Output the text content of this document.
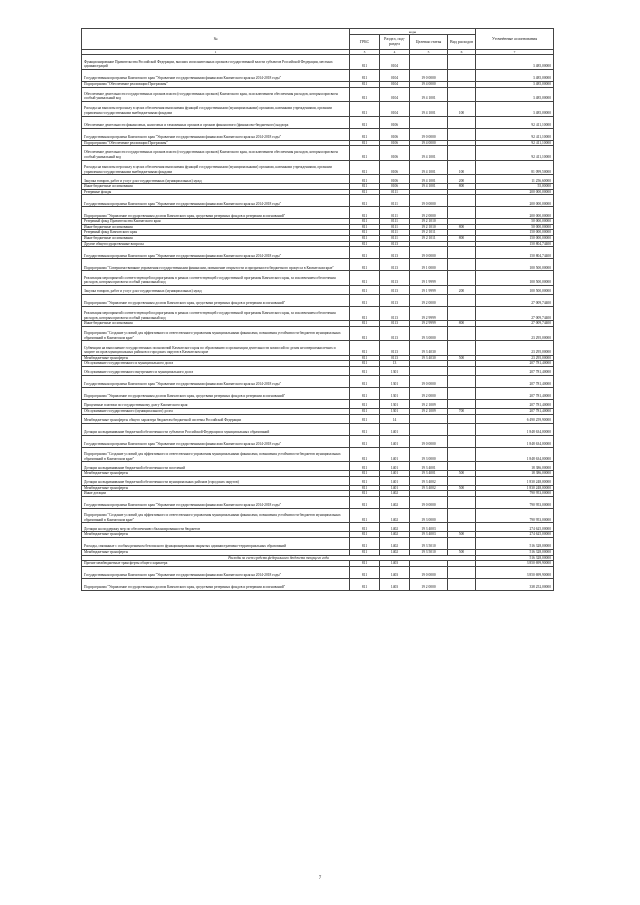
№	коды				Уточнённые ассигнования
	ГРБС	Раздел, под-раздел	Целевая статья	Вид расходов	
1	3	4	5	6	7
Функционирование Правительства Российской Федерации, высших исполнительных органов государственной власти субъектов Российской Федерации, местных администраций	811	0104			3 485,00000
Государственная программа Камчатского края "Управление государственными финансами Камчатского края на 2014-2018 годы"	811	0104	19 0 0000		3 485,00000
Подпрограмма "Обеспечение реализации Программы"	811	0104	19 4 0000		3 485,00000
Обеспечение деятельности государственных органов власти (государственных органов) Камчатского края, за исключением обеспечения расходов, которым присвоен особый уникальный код	811	0104	19 4 1001		3 485,00000
Расходы на выплаты персоналу в целях обеспечения выполнения функций государственными (муниципальными) органами, казенными учреждениями, органами управления государственными внебюджетными фондами	811	0104	19 4 1001	100	3 485,00000
Обеспечение деятельности финансовых, налоговых и таможенных органов и органов финансового (финансово-бюджетного) надзора	811	0106			92 411,10000
Государственная программа Камчатского края "Управление государственными финансами Камчатского края на 2014-2018 годы"	811	0106	19 0 0000		92 411,10000
Подпрограмма "Обеспечение реализации Программы"	811	0106	19 4 0000		92 411,10000
Обеспечение деятельности государственных органов власти (государственных органов) Камчатского края, за исключением обеспечения расходов, которым присвоен особый уникальный код	811	0106	19 4 1001		92 411,10000
Расходы на выплаты персоналу в целях обеспечения выполнения функций государственными (муниципальными) органами, казенными учреждениями, органами управления государственными внебюджетными фондами	811	0106	19 4 1001	100	81 099,50000
Закупка товаров, работ и услуг для государственных (муниципальных) нужд	811	0106	19 4 1001	200	11 256,60000
Иные бюджетные ассигнования	811	0106	19 4 1001	800	55,00000
Резервные фонды	811	0111			200 000,00000
Государственная программа Камчатского края "Управление государственными финансами Камчатского края на 2014-2018 годы"	811	0111	19 0 0000		200 000,00000
Подпрограмма "Управление государственным долгом Камчатского края, средствами резервных фондов и резервами ассигнований"	811	0111	19 2 0000		200 000,00000
Резервный фонд Правительства Камчатского края	811	0111	19 2 1010		50 000,00000
Иные бюджетные ассигнования	811	0111	19 2 1010	800	50 000,00000
Резервный фонд Камчатского края	811	0111	19 2 1011		150 000,00000
Иные бюджетные ассигнования	811	0111	19 2 1011	800	150 000,00000
Другие общегосударственные вопросы	811	0113			150 804,74400
Государственная программа Камчатского края "Управление государственными финансами Камчатского края на 2014-2018 годы"	811	0113	19 0 0000		150 804,74400
Подпрограмма "Совершенствование управления государственными финансами, повышение открытости и прозрачности бюджетного процесса в Камчатском крае"	811	0113	19 1 0000		100 500,00000
Реализация мероприятий соответствующей подпрограммы в рамках соответствующей государственной программы Камчатского края, за исключением обеспечения расходов, которым присвоен особый уникальный код	811	0113	19 1 9999		100 500,00000
Закупка товаров, работ и услуг для государственных (муниципальных) нужд	811	0113	19 1 9999	200	100 500,00000
Подпрограмма "Управление государственным долгом Камчатского края, средствами резервных фондов и резервами ассигнований"	811	0113	19 2 0000		27 009,74400
Реализация мероприятий соответствующей подпрограммы в рамках соответствующей государственной программы Камчатского края, за исключением обеспечения расходов, которым присвоен особый уникальный код	811	0113	19 2 9999		27 009,74400
Иные бюджетные ассигнования	811	0113	19 2 9999	800	27 009,74400
Подпрограмма "Создание условий для эффективного и ответственного управления муниципальными финансами, повышения устойчивости бюджетов муниципальных образований в Камчатском крае"	811	0113	19 3 0000		23 295,00000
Субвенции на выполнение государственных полномочий Камчатского края по образованию и организации деятельности комиссий по делам несовершеннолетних и защите их прав муниципальных районов и городских округов в Камчатском крае	811	0113	19 3 4030		23 295,00000
Межбюджетные трансферты	811	0113	19 3 4030	500	23 295,00000
Обслуживание государственного и муниципального долга	811	13			207 781,40000
Обслуживание государственного внутреннего и муниципального долга	811	1301			207 781,40000
Государственная программа Камчатского края "Управление государственными финансами Камчатского края на 2014-2018 годы"	811	1301	19 0 0000		207 781,40000
Подпрограмма "Управление государственным долгом Камчатского края, средствами резервных фондов и резервами ассигнований"	811	1301	19 2 0000		207 781,40000
Процентные платежи по государственному долгу Камчатского края	811	1301	19 2 1009		207 781,40000
Обслуживание государственного (муниципального) долга	811	1301	19 2 1009	700	207 781,40000
Межбюджетные трансферты общего характера бюджетам бюджетной системы Российской Федерации	811	14			6 490 259,90000
Дотации на выравнивание бюджетной обеспеченности субъектов Российской Федерации и муниципальных образований	811	1401			1 848 634,00000
Государственная программа Камчатского края "Управление государственными финансами Камчатского края на 2014-2018 годы"	811	1401	19 0 0000		1 848 634,00000
Подпрограмма "Создание условий для эффективного и ответственного управления муниципальными финансами, повышения устойчивости бюджетов муниципальных образований в Камчатском крае"	811	1401	19 3 0000		1 848 634,00000
Дотации на выравнивание бюджетной обеспеченности поселений	811	1401	19 3 4001		18 386,00000
Межбюджетные трансферты	811	1401	19 3 4001	500	18 386,00000
Дотации на выравнивание бюджетной обеспеченности муниципальных районов (городских округов)	811	1401	19 3 4002		1 830 248,00000
Межбюджетные трансферты	811	1401	19 3 4002	500	1 830 248,00000
Иные дотации	811	1402			790 953,00000
Государственная программа Камчатского края "Управление государственными финансами Камчатского края на 2014-2018 годы"	811	1402	19 0 0000		790 953,00000
Подпрограмма "Создание условий для эффективного и ответственного управления муниципальными финансами, повышения устойчивости бюджетов муниципальных образований в Камчатском крае"	811	1402	19 3 0000		790 953,00000
Дотации на поддержку мер по обеспечению сбалансированности бюджетов	811	1402	19 3 4003		274 625,00000
Межбюджетные трансферты	811	1402	19 3 4003	500	274 625,00000
Расходы, связанные с особым режимом безопасного функционирования закрытых административно-территориальных образований	811	1402	19 3 5010		516 328,00000
Межбюджетные трансферты	811	1402	19 3 5010	500	516 328,00000
Расходы за счет средств федерального бюджета текущего года					516 328,00000
Прочие межбюджетные трансферты общего характера	811	1403			3 850 699,90000
Государственная программа Камчатского края "Управление государственными финансами Камчатского края на 2014-2018 годы"	811	1403	19 0 0000		3 850 699,90000
Подпрограмма "Управление государственным долгом Камчатского края, средствами резервных фондов и резервами ассигнований"	811	1403	19 2 0000		338 252,00000
7
